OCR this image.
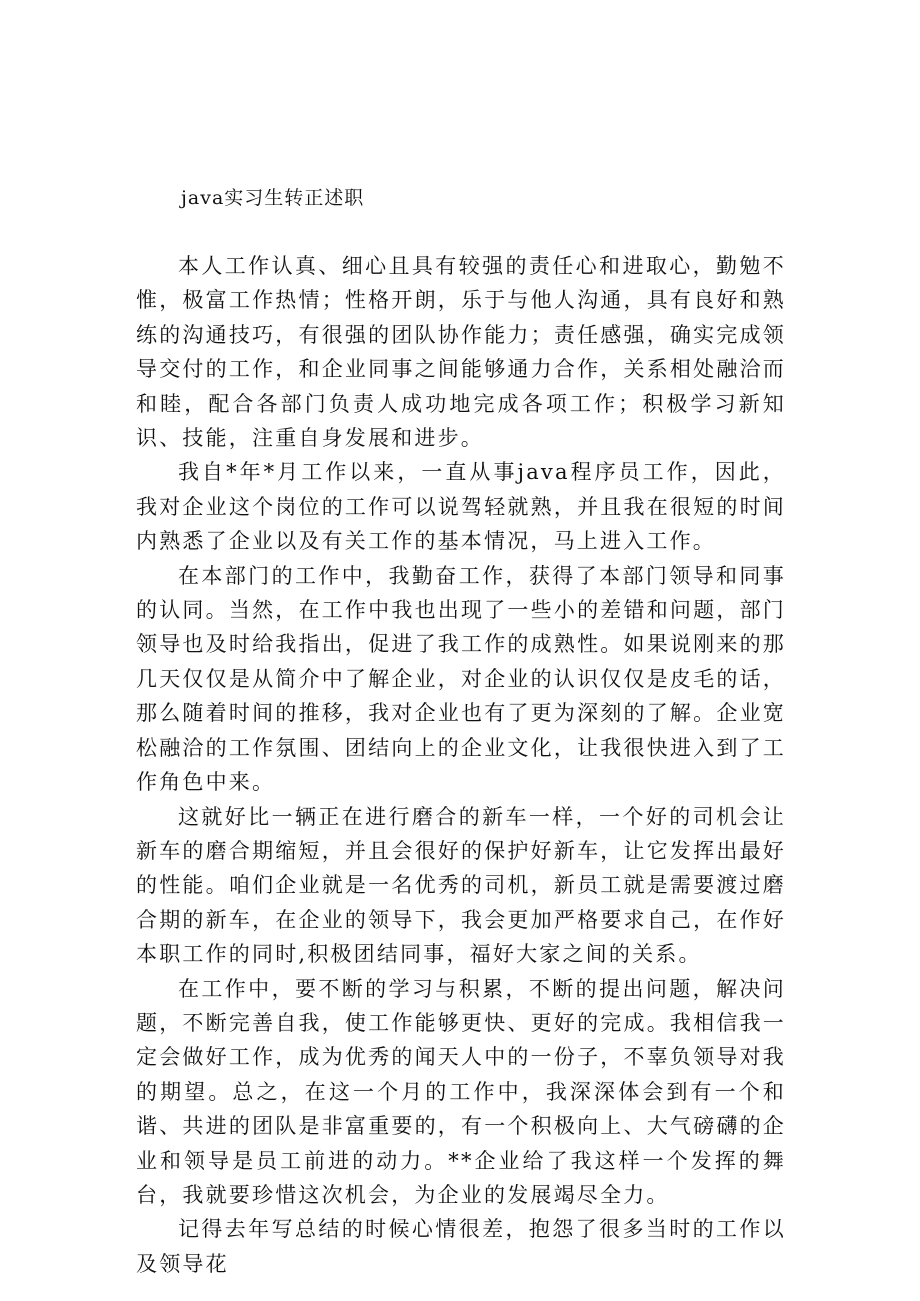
java实习生转正述职

本人工作认真、细心且具有较强的责任心和进取心，勤勉不惟，极富工作热情；性格开朗，乐于与他人沟通，具有良好和熟练的沟通技巧，有很强的团队协作能力；责任感强，确实完成领导交付的工作，和企业同事之间能够通力合作，关系相处融洽而和睦，配合各部门负责人成功地完成各项工作；积极学习新知识、技能，注重自身发展和进步。

我自*年*月工作以来，一直从事java程序员工作，因此，我对企业这个岗位的工作可以说驾轻就熟，并且我在很短的时间内熟悉了企业以及有关工作的基本情况，马上进入工作。

在本部门的工作中，我勤奋工作，获得了本部门领导和同事的认同。当然，在工作中我也出现了一些小的差错和问题，部门领导也及时给我指出，促进了我工作的成熟性。如果说刚来的那几天仅仅是从简介中了解企业，对企业的认识仅仅是皮毛的话，那么随着时间的推移，我对企业也有了更为深刻的了解。企业宽松融洽的工作氛围、团结向上的企业文化，让我很快进入到了工作角色中来。

这就好比一辆正在进行磨合的新车一样，一个好的司机会让新车的磨合期缩短，并且会很好的保护好新车，让它发挥出最好的性能。咱们企业就是一名优秀的司机，新员工就是需要渡过磨合期的新车，在企业的领导下，我会更加严格要求自己，在作好本职工作的同时,积极团结同事，福好大家之间的关系。

在工作中，要不断的学习与积累，不断的提出问题，解决问题，不断完善自我，使工作能够更快、更好的完成。我相信我一定会做好工作，成为优秀的闻天人中的一份子，不辜负领导对我的期望。总之，在这一个月的工作中，我深深体会到有一个和谐、共进的团队是非富重要的，有一个积极向上、大气磅礴的企业和领导是员工前进的动力。**企业给了我这样一个发挥的舞台，我就要珍惜这次机会，为企业的发展竭尽全力。

记得去年写总结的时候心情很差，抱怨了很多当时的工作以及领导花
